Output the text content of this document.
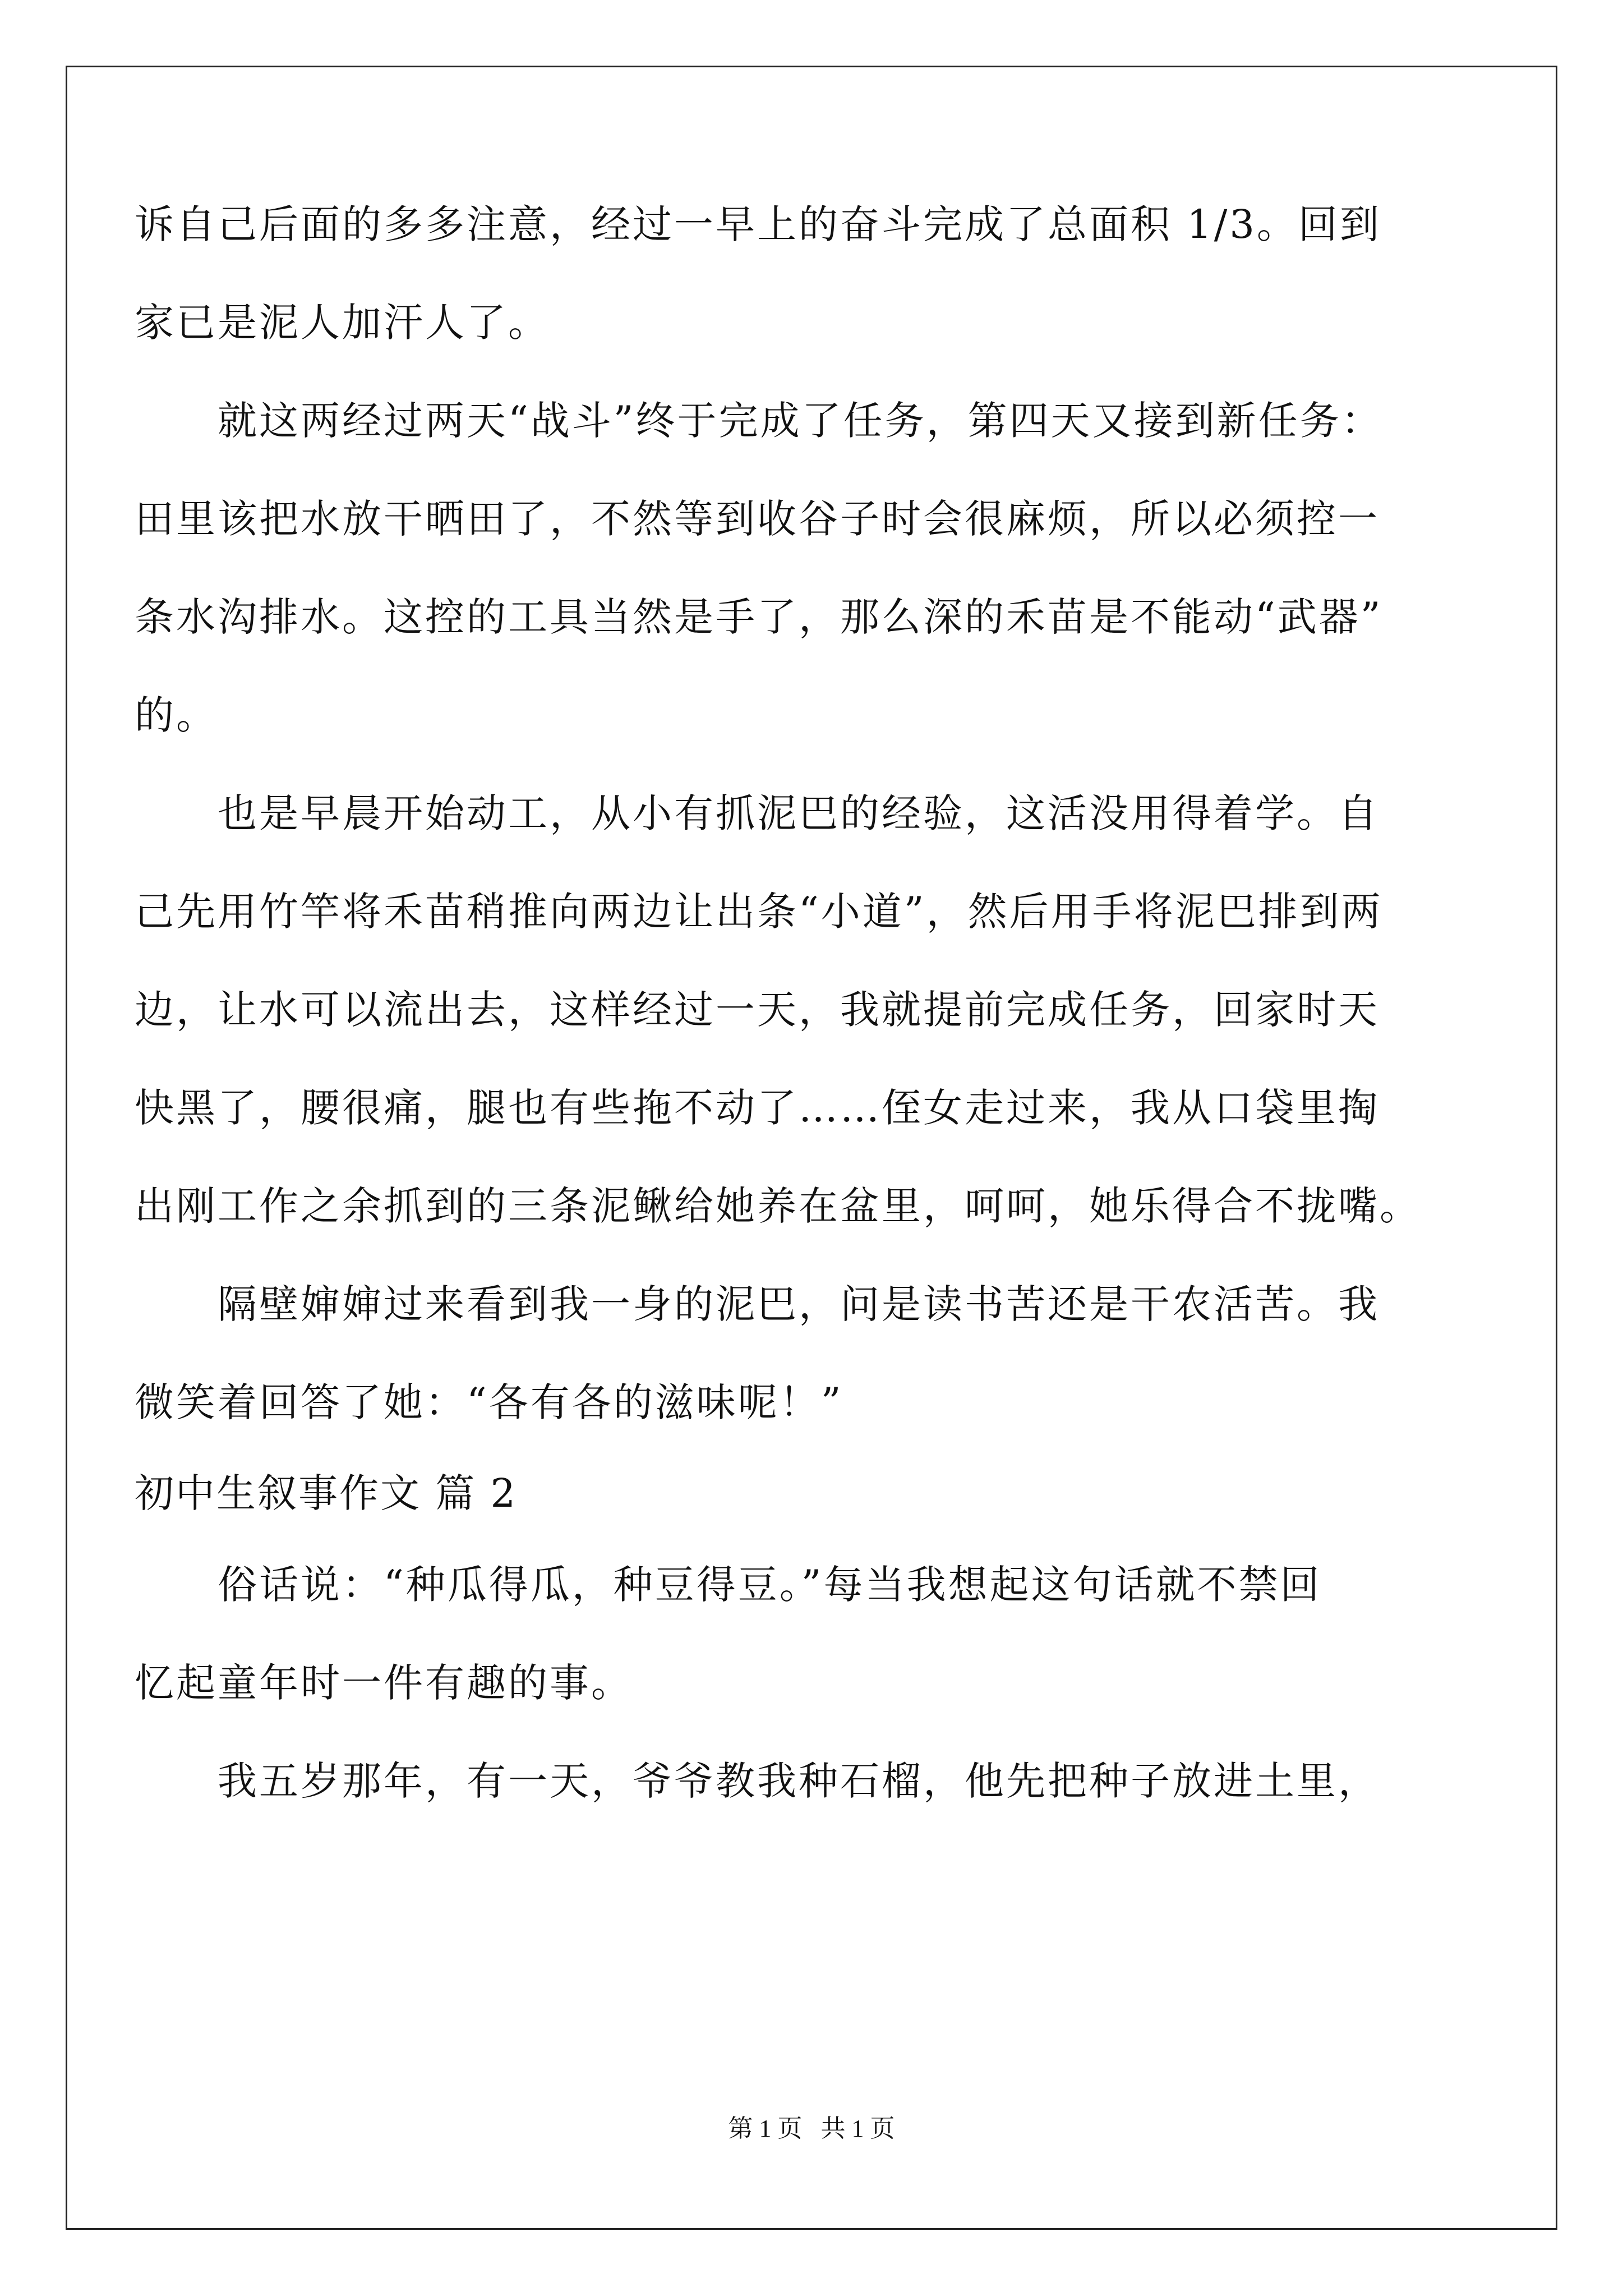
诉自己后面的多多注意，经过一早上的奋斗完成了总面积 1/3。回到
家已是泥人加汗人了。
就这两经过两天“战斗”终于完成了任务，第四天又接到新任务：
田里该把水放干晒田了，不然等到收谷子时会很麻烦，所以必须控一
条水沟排水。这控的工具当然是手了，那么深的禾苗是不能动“武器”
的。
也是早晨开始动工，从小有抓泥巴的经验，这活没用得着学。自
己先用竹竿将禾苗稍推向两边让出条“小道”，然后用手将泥巴排到两
边，让水可以流出去，这样经过一天，我就提前完成任务，回家时天
快黑了，腰很痛，腿也有些拖不动了……侄女走过来，我从口袋里掏
出刚工作之余抓到的三条泥鳅给她养在盆里，呵呵，她乐得合不拢嘴。
隔壁婶婶过来看到我一身的泥巴，问是读书苦还是干农活苦。我
微笑着回答了她：“各有各的滋味呢！”
初中生叙事作文 篇 2
俗话说：“种瓜得瓜，种豆得豆。”每当我想起这句话就不禁回
忆起童年时一件有趣的事。
我五岁那年，有一天，爷爷教我种石榴，他先把种子放进土里，
第 1 页   共 1 页
